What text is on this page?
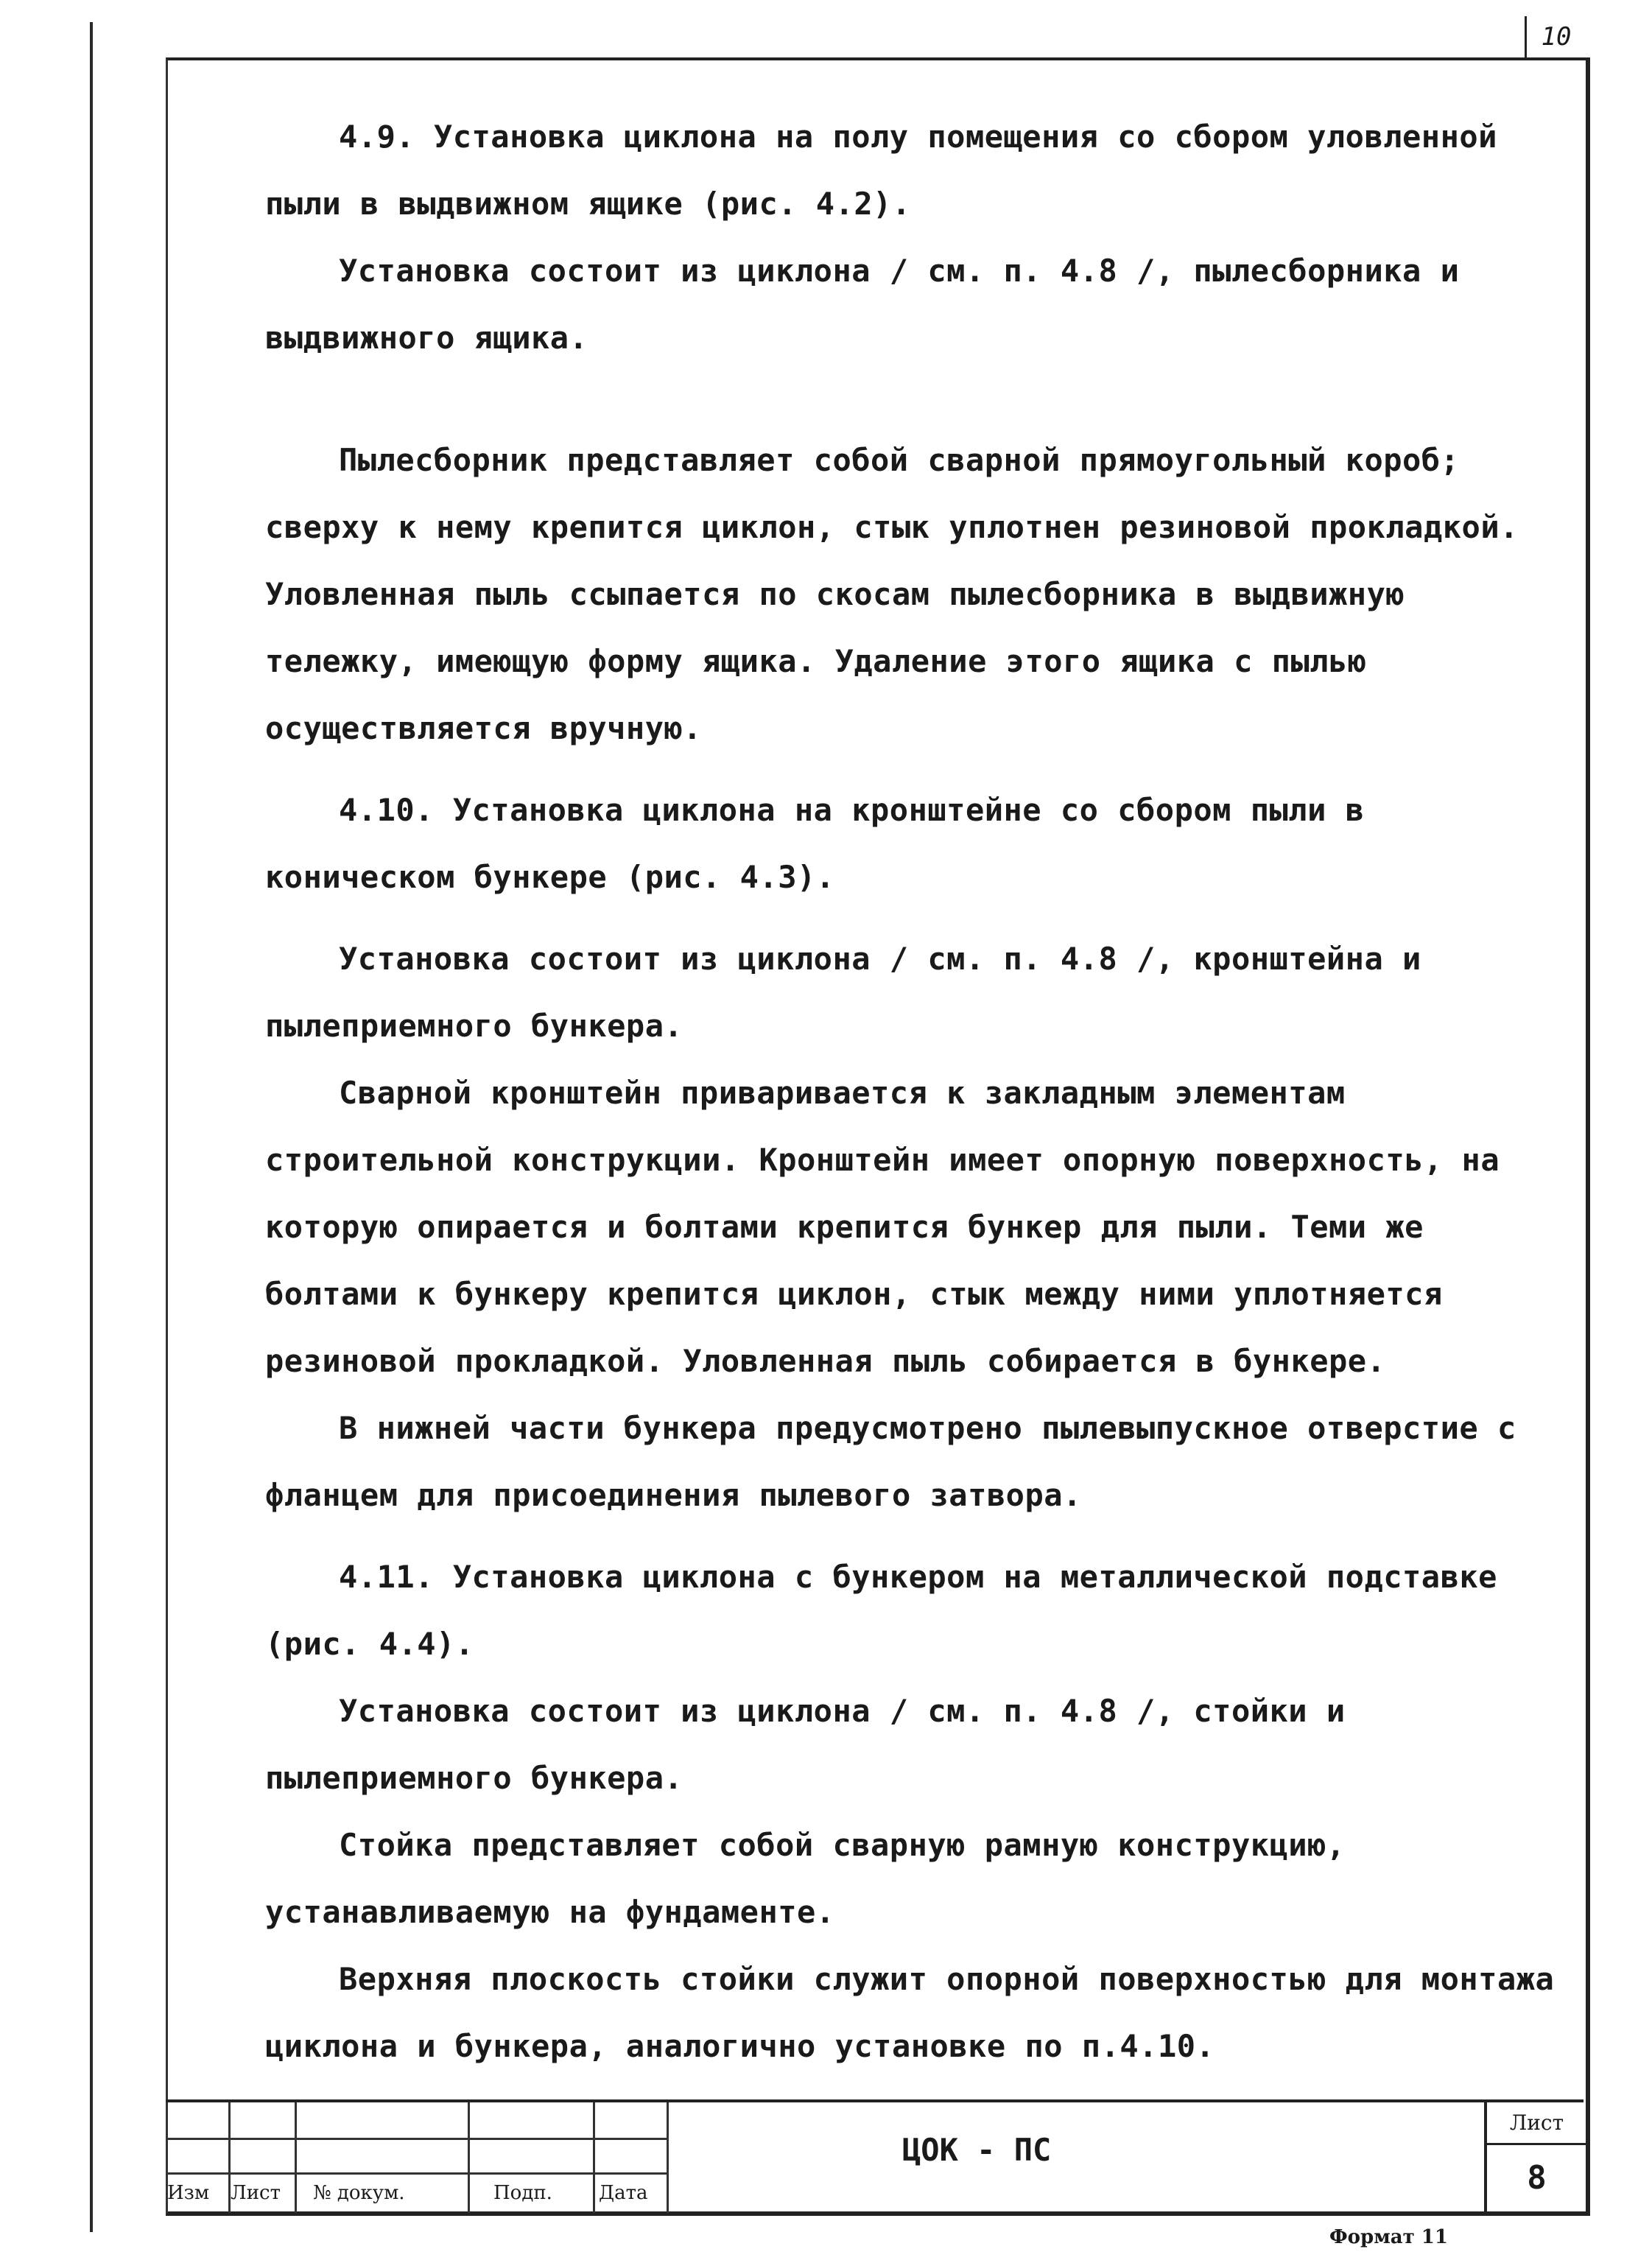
10

4.9. Установка циклона на полу помещения со сбором уловленной пыли в выдвижном ящике (рис. 4.2).

Установка состоит из циклона / см. п. 4.8 /, пылесборника и выдвижного ящика.

Пылесборник представляет собой сварной прямоугольный короб; сверху к нему крепится циклон, стык уплотнен резиновой прокладкой. Уловленная пыль ссыпается по скосам пылесборника в выдвижную тележку, имеющую форму ящика. Удаление этого ящика с пылью осуществляется вручную.

4.10. Установка циклона на кронштейне со сбором пыли в коническом бункере (рис. 4.3).

Установка состоит из циклона / см. п. 4.8 /, кронштейна и пылеприемного бункера.

Сварной кронштейн приваривается к закладным элементам строительной конструкции. Кронштейн имеет опорную поверхность, на которую опирается и болтами крепится бункер для пыли. Теми же болтами к бункеру крепится циклон, стык между ними уплотняется резиновой прокладкой. Уловленная пыль собирается в бункере.

В нижней части бункера предусмотрено пылевыпускное отверстие с фланцем для присоединения пылевого затвора.

4.11. Установка циклона с бункером на металлической подставке (рис. 4.4).

Установка состоит из циклона / см. п. 4.8 /, стойки и пылеприемного бункера.

Стойка представляет собой сварную рамную конструкцию, устанавливаемую на фундаменте.

Верхняя плоскость стойки служит опорной поверхностью для монтажа циклона и бункера, аналогично установке по п.4.10.

Изм Лист № докум.	Подп. Дата
ЦОК - ПС
Лист
8
Формат 11
